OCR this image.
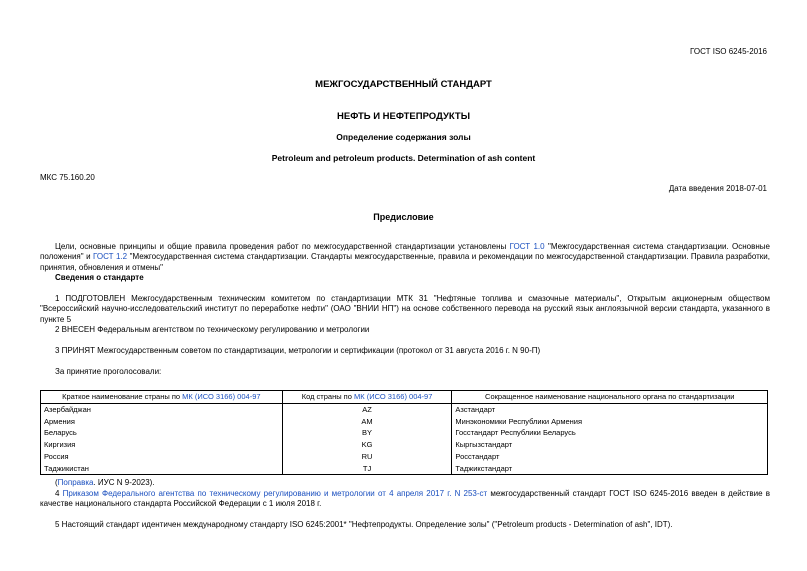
ГОСТ ISO 6245-2016
МЕЖГОСУДАРСТВЕННЫЙ СТАНДАРТ
НЕФТЬ И НЕФТЕПРОДУКТЫ
Определение содержания золы
Petroleum and petroleum products. Determination of ash content
МКС 75.160.20
Дата введения 2018-07-01
Предисловие
Цели, основные принципы и общие правила проведения работ по межгосударственной стандартизации установлены ГОСТ 1.0 "Межгосударственная система стандартизации. Основные положения" и ГОСТ 1.2 "Межгосударственная система стандартизации. Стандарты межгосударственные, правила и рекомендации по межгосударственной стандартизации. Правила разработки, принятия, обновления и отмены"
Сведения о стандарте
1 ПОДГОТОВЛЕН Межгосударственным техническим комитетом по стандартизации МТК 31 "Нефтяные топлива и смазочные материалы", Открытым акционерным обществом "Всероссийский научно-исследовательский институт по переработке нефти" (ОАО "ВНИИ НП") на основе собственного перевода на русский язык англоязычной версии стандарта, указанного в пункте 5
2 ВНЕСЕН Федеральным агентством по техническому регулированию и метрологии
3 ПРИНЯТ Межгосударственным советом по стандартизации, метрологии и сертификации (протокол от 31 августа 2016 г. N 90-П)
За принятие проголосовали:
Краткое наименование страны по МК (ИСО 3166) 004-97	Код страны по МК (ИСО 3166) 004-97	Сокращенное наименование национального органа по стандартизации
Азербайджан	AZ	Азстандарт
Армения	AM	Минэкономики Республики Армения
Беларусь	BY	Госстандарт Республики Беларусь
Киргизия	KG	Кыргызстандарт
Россия	RU	Росстандарт
Таджикистан	TJ	Таджикстандарт
(Поправка. ИУС N 9-2023).
4 Приказом Федерального агентства по техническому регулированию и метрологии от 4 апреля 2017 г. N 253-ст межгосударственный стандарт ГОСТ ISO 6245-2016 введен в действие в качестве национального стандарта Российской Федерации с 1 июля 2018 г.
5 Настоящий стандарт идентичен международному стандарту ISO 6245:2001* "Нефтепродукты. Определение золы" ("Petroleum products - Determination of ash", IDT).
